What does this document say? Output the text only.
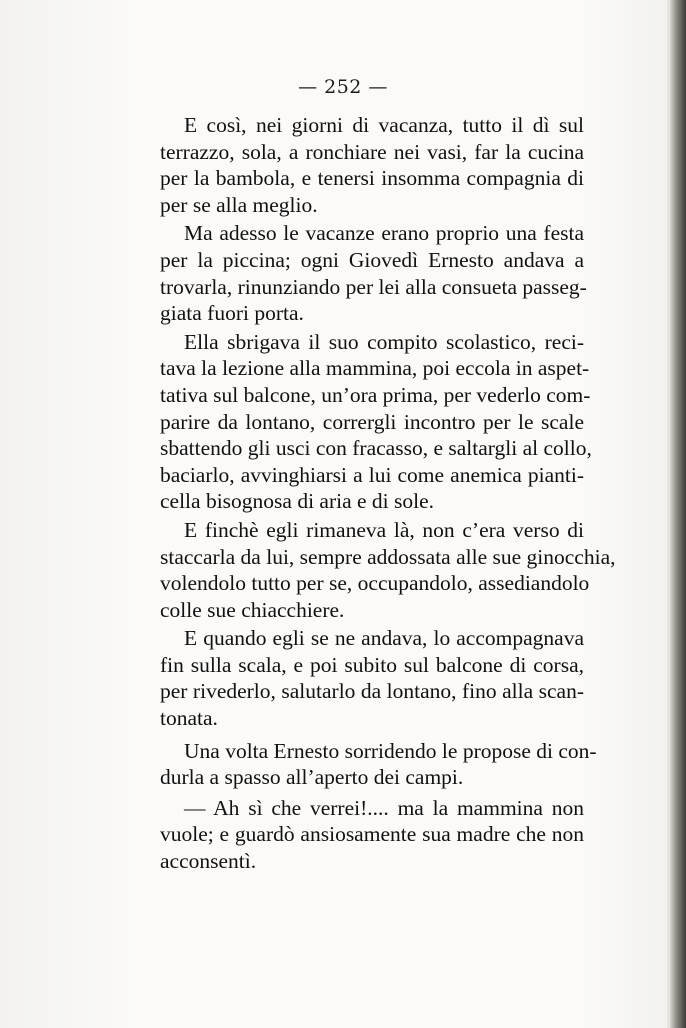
— 252 —
E così, nei giorni di vacanza, tutto il dì sul
terrazzo, sola, a ronchiare nei vasi, far la cucina
per la bambola, e tenersi insomma compagnia di
per se alla meglio.
Ma adesso le vacanze erano proprio una festa
per la piccina; ogni Giovedì Ernesto andava a
trovarla, rinunziando per lei alla consueta passeg-
giata fuori porta.
Ella sbrigava il suo compito scolastico, reci-
tava la lezione alla mammina, poi eccola in aspet-
tativa sul balcone, un’ora prima, per vederlo com-
parire da lontano, corrergli incontro per le scale
sbattendo gli usci con fracasso, e saltargli al collo,
baciarlo, avvinghiarsi a lui come anemica pianti-
cella bisognosa di aria e di sole.
E finchè egli rimaneva là, non c’era verso di
staccarla da lui, sempre addossata alle sue ginocchia,
volendolo tutto per se, occupandolo, assediandolo
colle sue chiacchiere.
E quando egli se ne andava, lo accompagnava
fin sulla scala, e poi subito sul balcone di corsa,
per rivederlo, salutarlo da lontano, fino alla scan-
tonata.
Una volta Ernesto sorridendo le propose di con-
durla a spasso all’aperto dei campi.
— Ah sì che verrei!.... ma la mammina non
vuole; e guardò ansiosamente sua madre che non
acconsentì.
